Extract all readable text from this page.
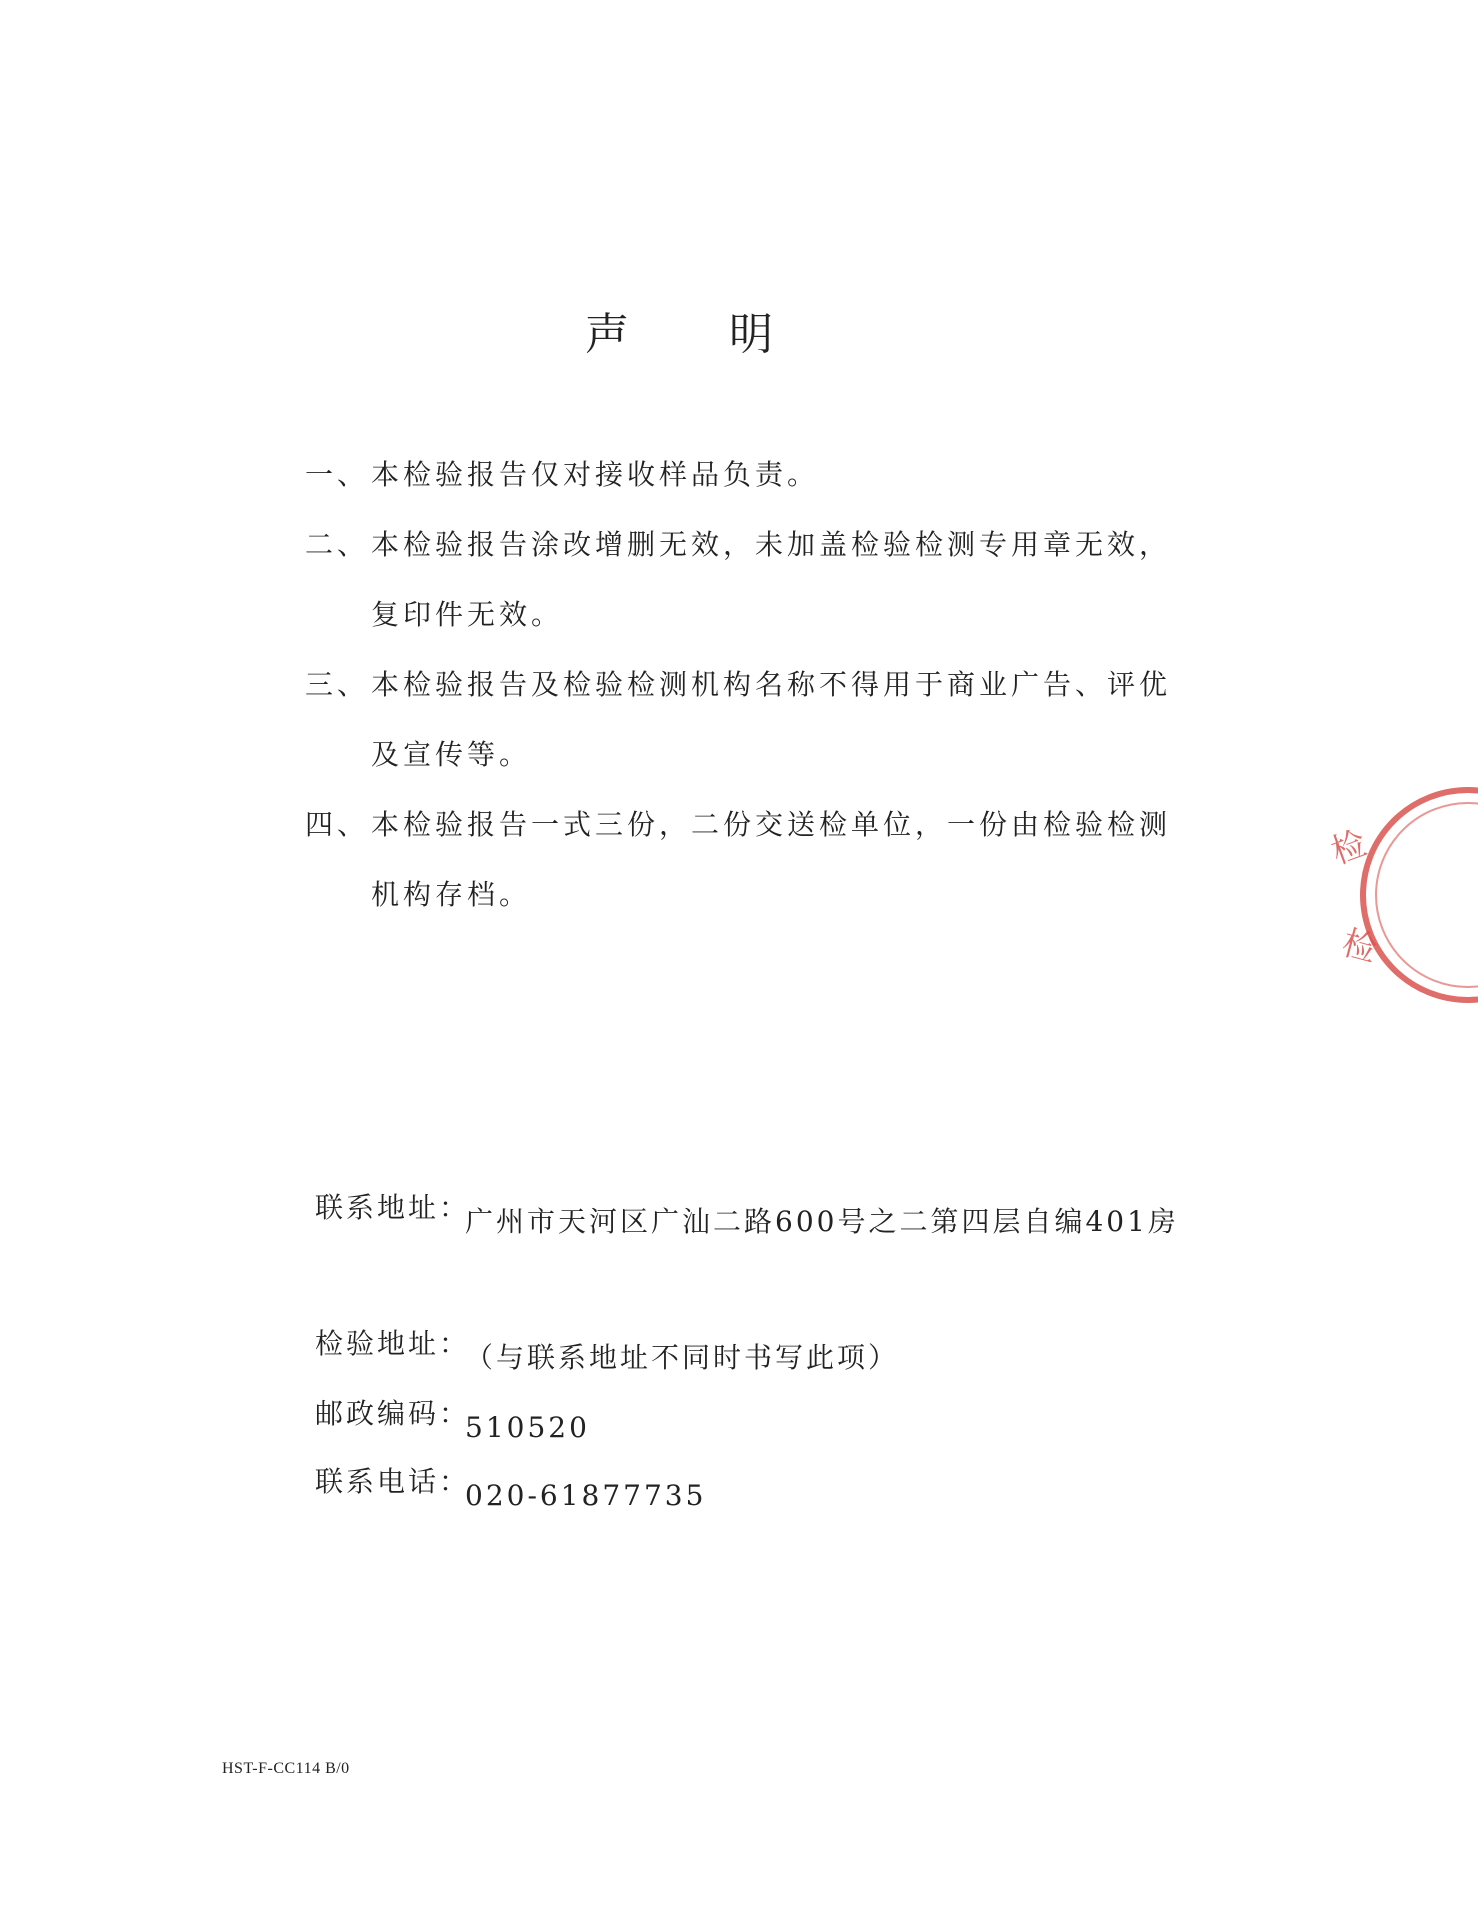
声 明
一、 本检验报告仅对接收样品负责。
二、 本检验报告涂改增删无效，未加盖检验检测专用章无效，复印件无效。
三、 本检验报告及检验检测机构名称不得用于商业广告、评优及宣传等。
四、 本检验报告一式三份，二份交送检单位，一份由检验检测机构存档。
联系地址：
广州市天河区广汕二路600号之二第四层自编401房
检验地址：
（与联系地址不同时书写此项）
邮政编码：
510520
联系电话：
020-61877735
HST-F-CC114 B/0
检
检
